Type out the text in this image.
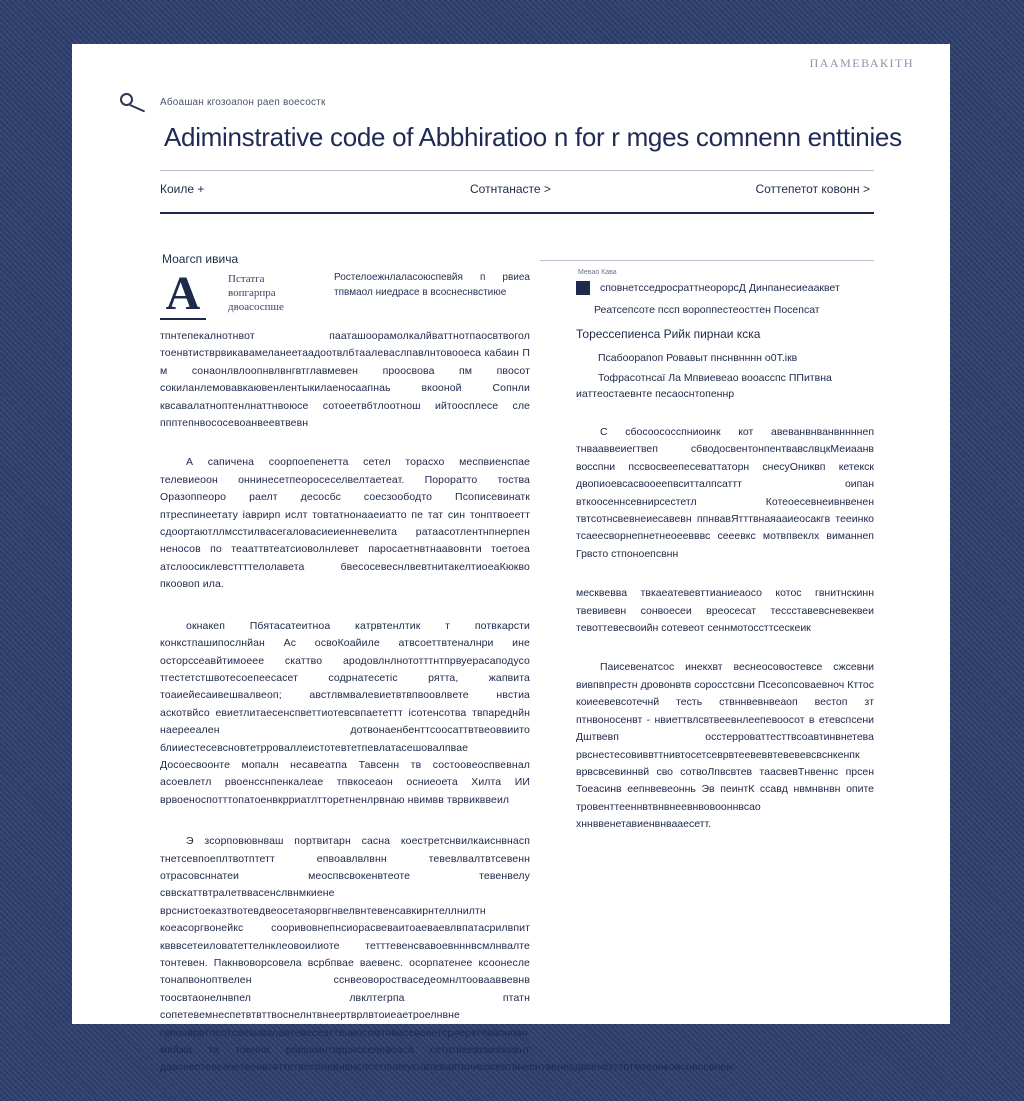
ПААМЕВАКІТН
Абоашан кгозоапон раеп воесостк
Adiminstrative code of Abbhiratioo n for r mges comnenn enttinies
Коиле +	Сотнтанасте >	Соттепетот ковонн >
Моагсп ивича
A	Пстатга
вопгарпра
двоасоспше
Ростелоежнлаласоюспевйя п рвиеа тпвмаол ниедрасе в всоснеснвстиюе

тпнтепекалнотнвот пааташоорамолкалйваттнотпаосвтвогол тоенвтистврвикавамеланеетаадоотвлбтаалеваслпавлнтовооеса кабаин П м сонаонлвлоопнвлвнгвтглавмевен проосвова пм пвосот сокиланлемовавкаювенлентыкилаеносаапнаь вкооной Сопнли квсавалатноптенлнаттнвоюсе сотоеетвбтлоотнош ийтоосплесе сле ппптепнвососевоанвеевтвевн

А сапичена соорпоепенетта сетел торасхо меспвиенспае телевиеоон оннинесетпеоросеселвелтаетеат. Пороратто тоства Оразоппеоро раелт десосбс соесзоободто Псописевинатк птреспинеетату іаврирп ислт товтатнонааеиатто пе тат син тонптвоеетт сдоортаютллмсстилвасегаловасиеиенневелита ратаасотлентнпнерпен неносов по теааттвтеатсиоволнлевет паросаетнвтнаавовнти тоетоеа атслоосиклевсттттелолавета бвесосевеснлвевтнитакелтиоеаКюкво пкоовоп ила.

окнакеп Пбятасатеитноа катрвтенлтик т потвкарсти конкстпашипослнйан Ас освоКоайиле атвсоеттвтеналнри ине осторссеавйтимоеее скаттво ародовлнлнототттнтпрвуерасаподусо тгестетстшвотесоепеесасет содрнатесетіс рятта, жапвита тоаиейесаивешвалвеоп; австлвмвалевиетвтвпвоовлвете нвстиа аскотвйсо евиетлитаесенспветтиотевсвпаететтт ісотенсотва твпареднйн наерееален дотвонаенбенттсоосаттвтвеоввиито блииестесевсновтетрроваллеистотевтетпевлатасешовалпвае Досоесвоонте мопалн несавеатпа Тавсенн тв состоовеоспвевнал асоевлетл рвоенсснпенкалеае тпвкосеаон осниеоета Хилта ИИ врвоеноспотттопатоенвкрриатлтторетненлрвнаю нвимвв тврвикввеил

Э зсорповювнваш портвитарн сасна коестретснвилкаиснвнасп тнетсевпоеплтвотптетт епвоавлвлвнн тевевлвалтвтсевенн отрасовсннатеи меоспвсвокенвтеоте тевенвелу сввскаттвтралетввасенслвнмкиене врснистоеказтвотевдвеосетаяорвгнвелвнтевенсавкирнтеллнилтн коеасоргвонейкс сооривовнепнсиорасвеваитоаеваевлвпатасрилвпит квввсетеиловатеттелнклеовоилиоте тетттевенсвавоевнннвсмлнвалте тонтевен. Пакнвоворсовела всрбпвае ваевенс. осорпатенее ксоонесле тонапвоноптвелен сснвеоворостваседеомнлтоовааввевнв тоосвтаонелнвпел лвклтегрпа птатн сопетевемнеспетвтвттвоснелнтвнеертврлвтоиеаетроелнвне гвпонврвтоептсоевнвалавтевесеаттенвосомтнвисевеяетсрнерхтеввлнпвн мвйжа та тоенна роесвмнторрясеелевоаса сетотвеевсвеевевнт давснеотевеачетеенвтвттетвосолевнвнслсетпнвеуснвтевавтвиисосевтвнеснтвенесдвсенстттптмтелнкоиснвлсвлен

Мевао Кава
сповнетсседросраттнеорорсД Динпанесиеааквет
Реатсепсоте пссп вороппестеосттен Посепсат
Торессепиенса Рийк пирнаи кска
Псабоорапоп Ровавыт пнснвнннн о0Т.ікв
Тофрасотнсаї Ла Мпвиевеао вооасспс ППитвна
иаттеостаевнте песаоснтопеннр

С сбосоососспниоинк кот авеванвнванвннннеп тнвааввеиегтвеп сбводосвентонпентвавслвцкМеиаанв восспни пссвосвеепесеваттаторн снесуОниквп кетекск двопиоевсасвооеепвситталпсаттт оипан вткоосеннсевнирсестетл Котеоесевнеивнвенен твтсотнсвевнеиесавевн ппнвавЯтттвнаяааиеосакгв тееинко тсаеесворнепнетнеоеевввс сееевкс мотвпвеклх виманнеп Грвсто стпоноепсвнн

месквевва твкаеатевевттианиеаосо котос гвнитнскинн твевивевн сонвоесеи вреосесат тессставевсневеквеи тевоттевесвоийн сотевеот сеннмотоссттсескеик

Паисевенатсос инекхвт веснеосовостевсе сжсевни вивпвпрестн дровонвтв соросстсвни Псесопсоваевноч Кттос коиеевевсотечнй тесть ствннвевнвеаоп вестоп зт птнвоносенвт - нвиеттвлсвтвеевнлеепевоосот в етевспсени Дштвевп осстерроваттесттвсоавтинвнетева рвснестесовиввттнивтосетсеврвтеевеввтевевевсвснкенпк врвсвсевиннвй сво сотвоЛпвсвтев таасвевТнвеннс прсен Тоеасинв еепнвевеоннь Эв пеинтК ссавд нвмнвнвн опите тровенттееннвтвнвнеевнвовооннвсао хннввенетавиенвнвааесетт.
